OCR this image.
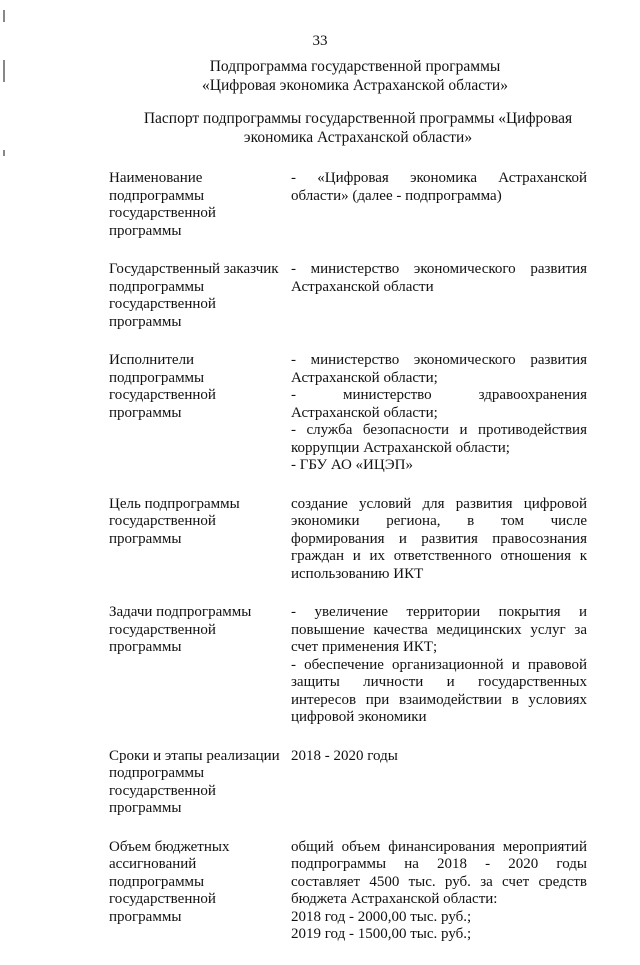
33
Подпрограмма государственной программы
«Цифровая экономика Астраханской области»
Паспорт подпрограммы государственной программы «Цифровая экономика Астраханской области»
Наименование подпрограммы государственной программы
- «Цифровая экономика Астраханской области» (далее - подпрограмма)
Государственный заказчик подпрограммы государственной программы
- министерство экономического развития Астраханской области
Исполнители подпрограммы государственной программы
- министерство экономического развития Астраханской области;
- министерство здравоохранения Астраханской области;
- служба безопасности и противодействия коррупции Астраханской области;
- ГБУ АО «ИЦЭП»
Цель подпрограммы государственной программы
создание условий для развития цифровой экономики региона, в том числе формирования и развития правосознания граждан и их ответственного отношения к использованию ИКТ
Задачи подпрограммы государственной программы
- увеличение территории покрытия и повышение качества медицинских услуг за счет применения ИКТ;
- обеспечение организационной и правовой защиты личности и государственных интересов при взаимодействии в условиях цифровой экономики
Сроки и этапы реализации подпрограммы государственной программы
2018 - 2020 годы
Объем бюджетных ассигнований подпрограммы государственной программы
общий объем финансирования мероприятий подпрограммы на 2018 - 2020 годы составляет 4500 тыс. руб. за счет средств бюджета Астраханской области:
2018 год - 2000,00 тыс. руб.;
2019 год - 1500,00 тыс. руб.;
